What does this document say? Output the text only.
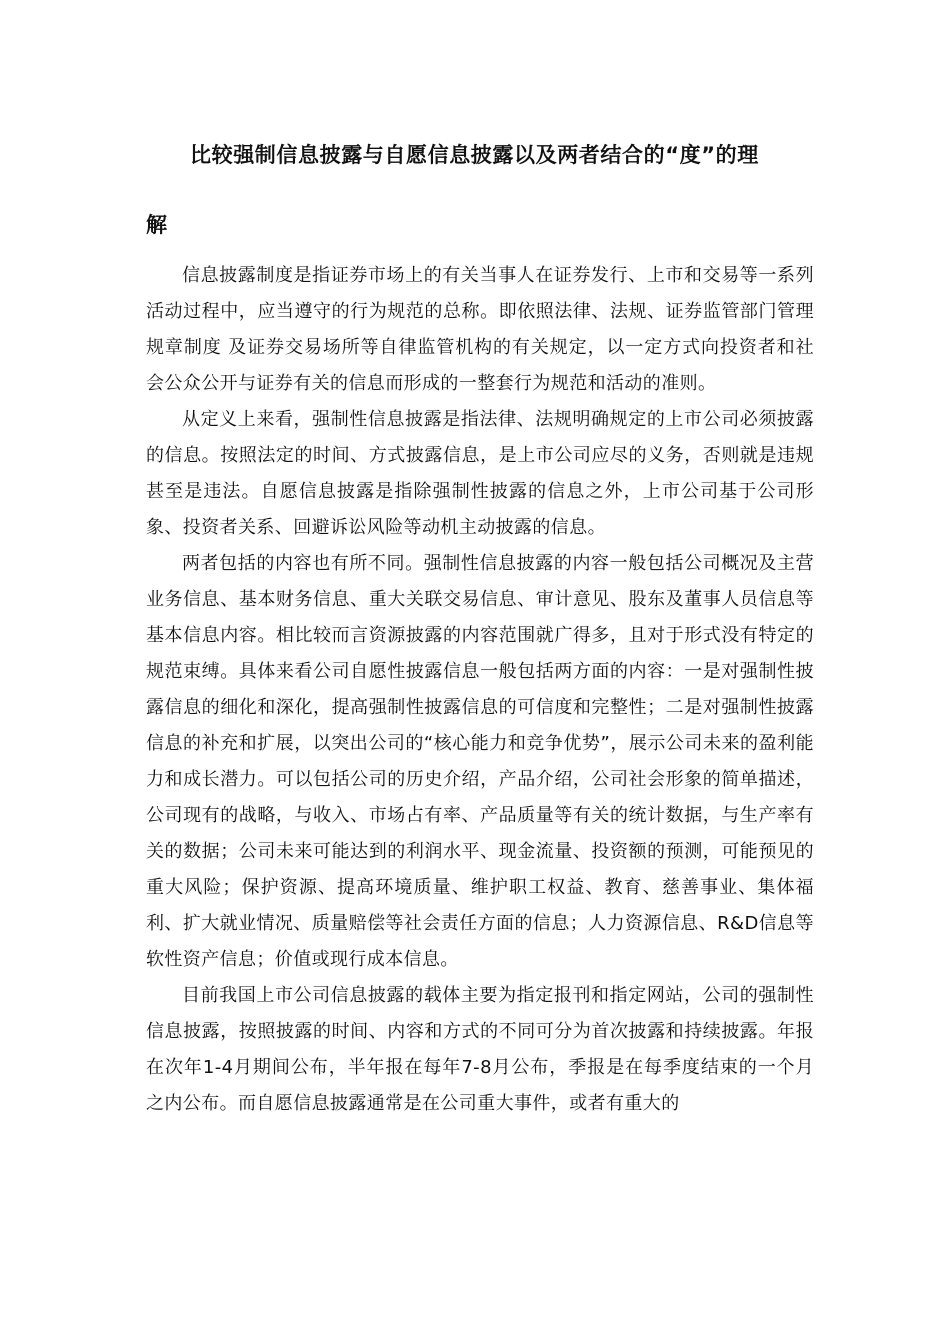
比较强制信息披露与自愿信息披露以及两者结合的“度”的理
解

信息披露制度是指证券市场上的有关当事人在证券发行、上市和交易等一系列活动过程中，应当遵守的行为规范的总称。即依照法律、法规、证券监管部门管理规章制度 及证券交易场所等自律监管机构的有关规定，以一定方式向投资者和社会公众公开与证券有关的信息而形成的一整套行为规范和活动的准则。

从定义上来看，强制性信息披露是指法律、法规明确规定的上市公司必须披露的信息。按照法定的时间、方式披露信息，是上市公司应尽的义务，否则就是违规甚至是违法。自愿信息披露是指除强制性披露的信息之外，上市公司基于公司形象、投资者关系、回避诉讼风险等动机主动披露的信息。

两者包括的内容也有所不同。强制性信息披露的内容一般包括公司概况及主营业务信息、基本财务信息、重大关联交易信息、审计意见、股东及董事人员信息等基本信息内容。相比较而言资源披露的内容范围就广得多，且对于形式没有特定的规范束缚。具体来看公司自愿性披露信息一般包括两方面的内容：一是对强制性披露信息的细化和深化，提高强制性披露信息的可信度和完整性；二是对强制性披露信息的补充和扩展，以突出公司的“核心能力和竞争优势”，展示公司未来的盈利能力和成长潜力。可以包括公司的历史介绍，产品介绍，公司社会形象的简单描述，公司现有的战略，与收入、市场占有率、产品质量等有关的统计数据，与生产率有关的数据；公司未来可能达到的利润水平、现金流量、投资额的预测，可能预见的重大风险；保护资源、提高环境质量、维护职工权益、教育、慈善事业、集体福利、扩大就业情况、质量赔偿等社会责任方面的信息；人力资源信息、R&D信息等软性资产信息；价值或现行成本信息。

目前我国上市公司信息披露的载体主要为指定报刊和指定网站，公司的强制性信息披露，按照披露的时间、内容和方式的不同可分为首次披露和持续披露。年报在次年1-4月期间公布，半年报在每年7-8月公布，季报是在每季度结束的一个月之内公布。而自愿信息披露通常是在公司重大事件，或者有重大的
